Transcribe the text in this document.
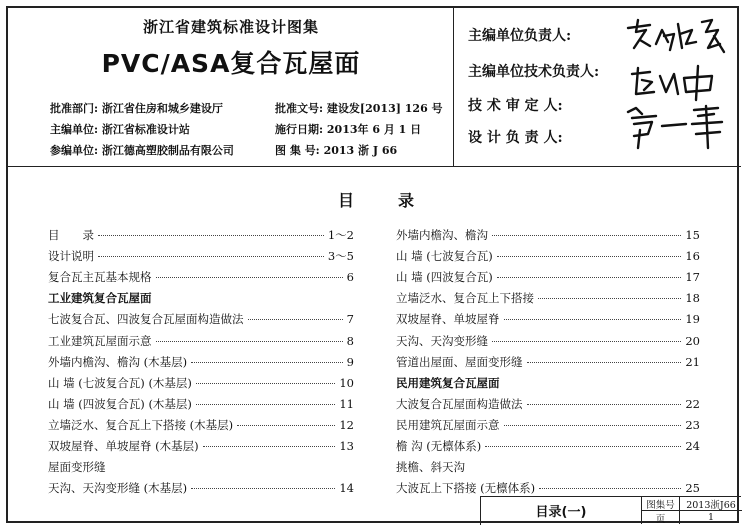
浙江省建筑标准设计图集
PVC/ASA复合瓦屋面
批准部门: 浙江省住房和城乡建设厅	批准文号: 建设发[2013] 126 号
主编单位: 浙江省标准设计站	施行日期: 2013年 6 月 1 日
参编单位: 浙江德高塑胶制品有限公司	图 集 号: 2013 浙 J 66
主编单位负责人:
主编单位技术负责人:
技 术 审 定 人:
设 计 负 责 人:
目	录
目　　录	1～2
设计说明	3～5
复合瓦主瓦基本规格	6
工业建筑复合瓦屋面
七波复合瓦、四波复合瓦屋面构造做法	7
工业建筑瓦屋面示意	8
外墙内檐沟、檐沟 (木基层)	9
山 墙 (七波复合瓦) (木基层)	10
山 墙 (四波复合瓦) (木基层)	11
立墙泛水、复合瓦上下搭接 (木基层)	12
双坡屋脊、单坡屋脊 (木基层)	13
屋面变形缝
天沟、天沟变形缝 (木基层)	14
外墙内檐沟、檐沟	15
山 墙 (七波复合瓦)	16
山 墙 (四波复合瓦)	17
立墙泛水、复合瓦上下搭接	18
双坡屋脊、单坡屋脊	19
天沟、天沟变形缝	20
管道出屋面、屋面变形缝	21
民用建筑复合瓦屋面
大波复合瓦屋面构造做法	22
民用建筑瓦屋面示意	23
檐 沟 (无檩体系)	24
挑檐、斜天沟
大波瓦上下搭接 (无檩体系)	25
目录(一)	图集号	2013浙J66
页	1
